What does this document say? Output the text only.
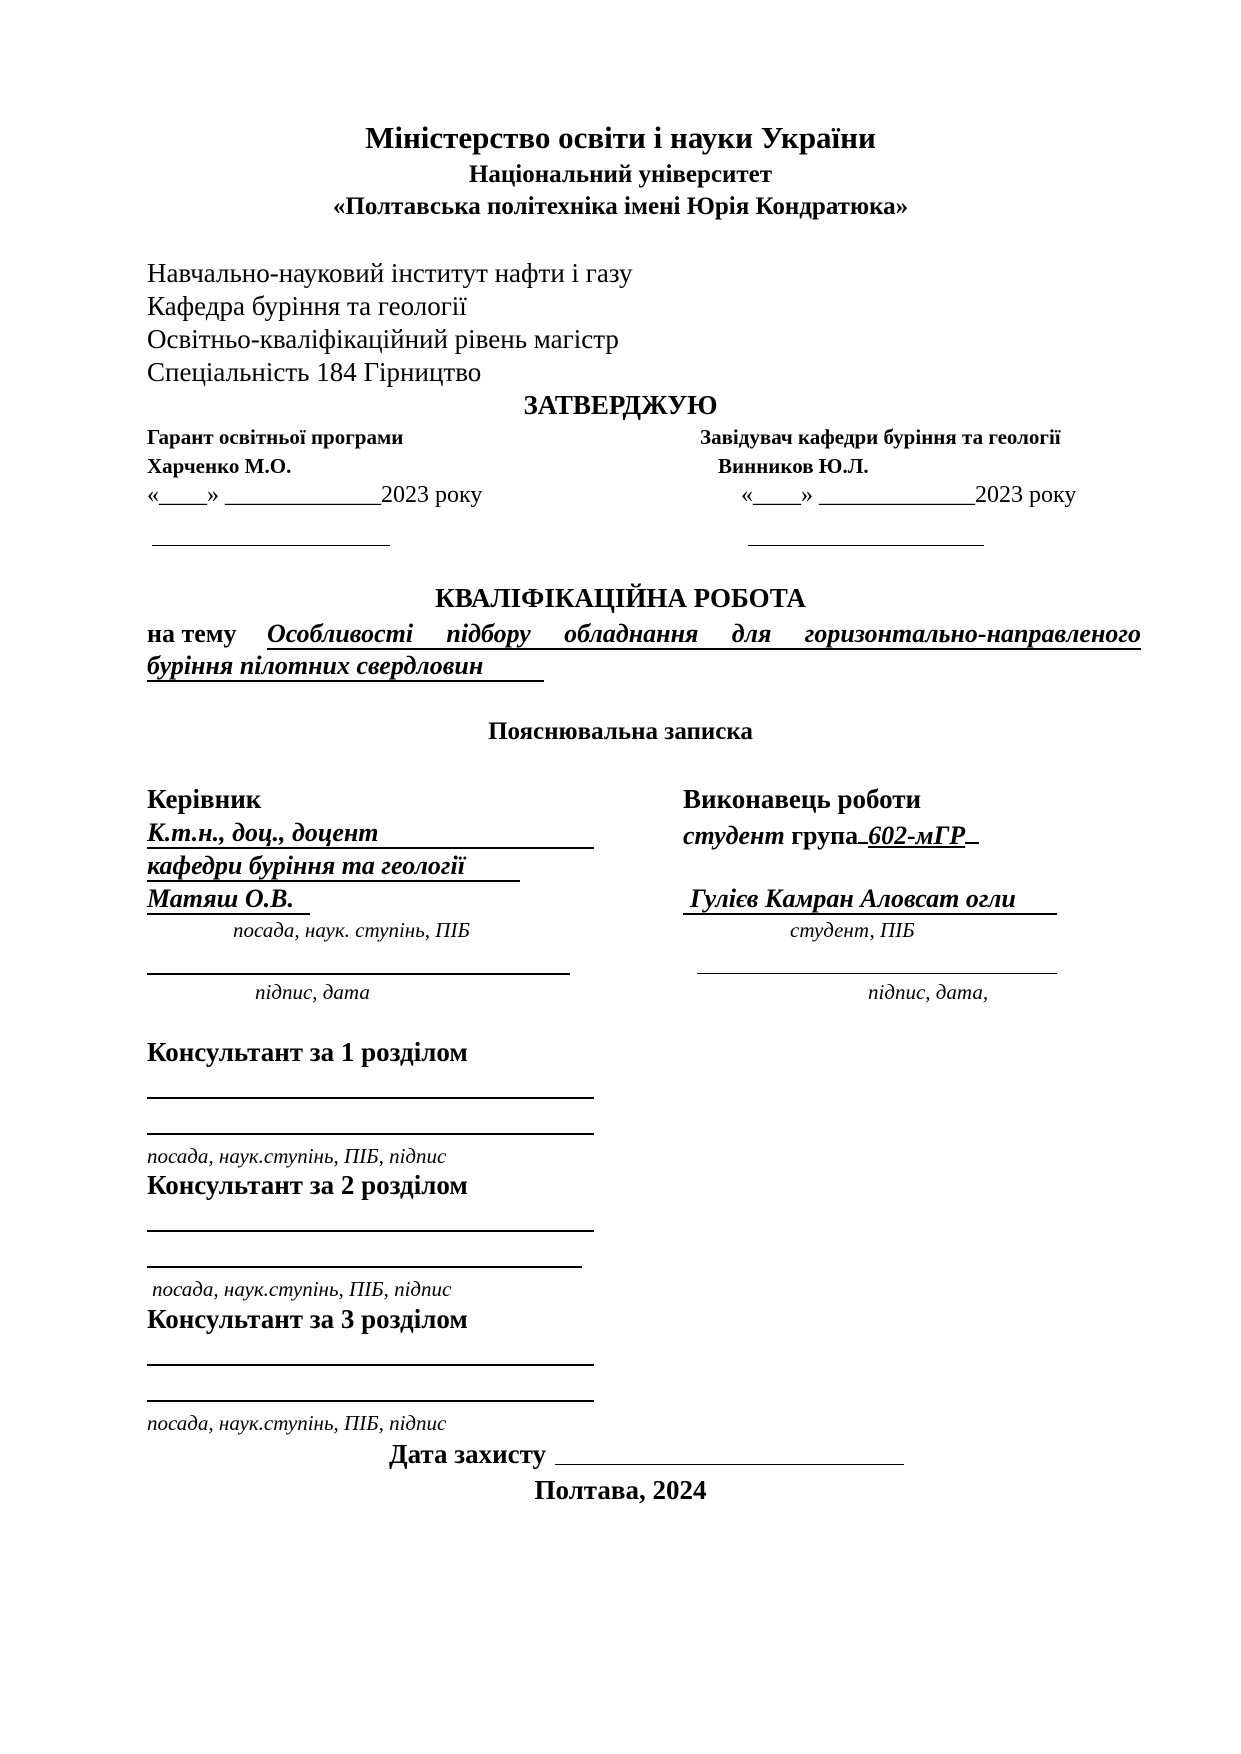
Міністерство освіти і науки України
Національний університет
«Полтавська політехніка імені Юрія Кондратюка»
Навчально-науковий інститут нафти і газу
Кафедра буріння та геології
Освітньо-кваліфікаційний рівень магістр
Спеціальність 184 Гірництво
ЗАТВЕРДЖУЮ
Гарант освітньої програми
Харченко М.О.
«____» _____________2023 року
Завідувач кафедри буріння та геології
Винников Ю.Л.
«____» _____________2023 року
КВАЛІФІКАЦІЙНА РОБОТА
на тему Особливості підбору обладнання для горизонтально-направленого
буріння пілотних свердловин
Пояснювальна записка
Керівник
К.т.н., доц., доцент
кафедри буріння та геології
Матяш О.В.
посада, наук. ступінь, ПІБ
підпис, дата
Виконавець роботи
студент група 602-мГР
Гулієв Камран Аловсат огли
студент, ПІБ
підпис, дата,
Консультант за 1 розділом
посада, наук.ступінь, ПІБ, підпис
Консультант за 2 розділом
посада, наук.ступінь, ПІБ, підпис
Консультант за 3 розділом
посада, наук.ступінь, ПІБ, підпис
Дата захисту
Полтава, 2024
